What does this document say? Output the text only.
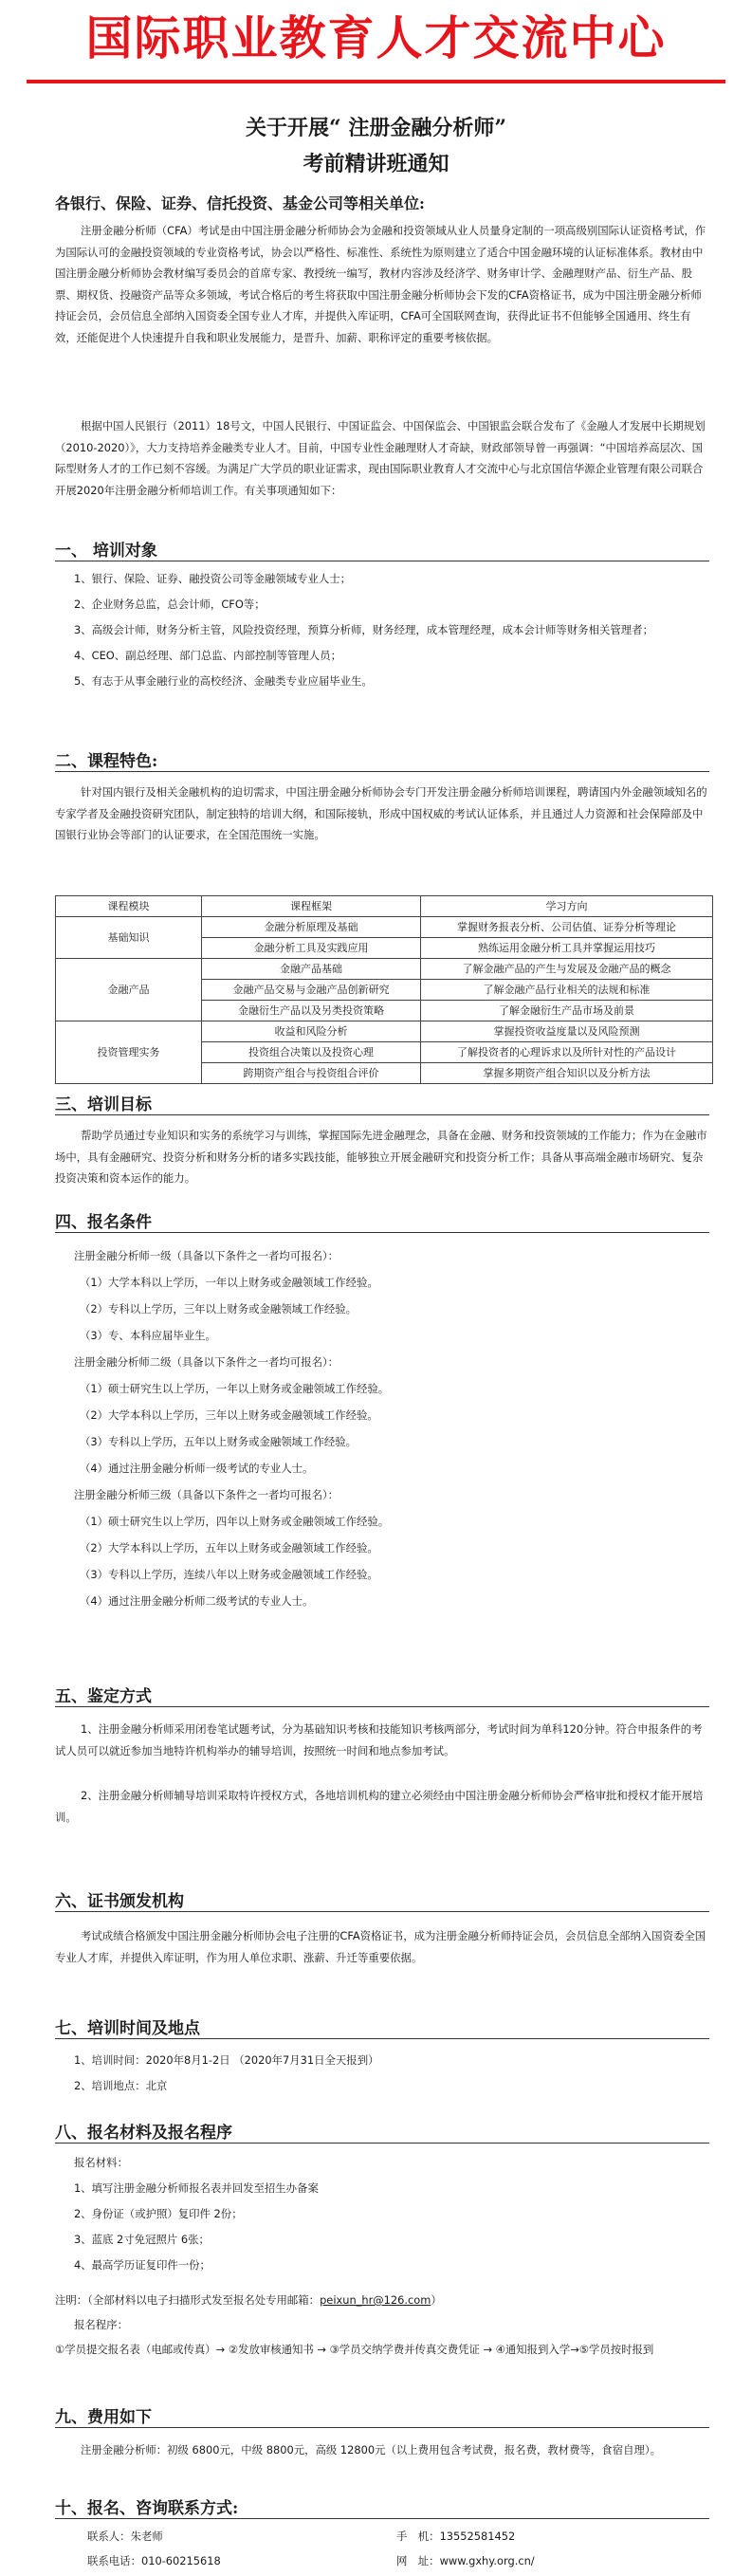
国际职业教育人才交流中心
关于开展“ 注册金融分析师”
考前精讲班通知
各银行、保险、证券、信托投资、基金公司等相关单位:
注册金融分析师（CFA）考试是由中国注册金融分析师协会为金融和投资领域从业人员量身定制的一项高级别国际认证资格考试，作为国际认可的金融投资领域的专业资格考试，协会以严格性、标准性、系统性为原则建立了适合中国金融环境的认证标准体系。教材由中国注册金融分析师协会教材编写委员会的首席专家、教授统一编写，教材内容涉及经济学、财务审计学、金融理财产品、衍生产品、股票、期权货、投融资产品等众多领域，考试合格后的考生将获取中国注册金融分析师协会下发的CFA资格证书，成为中国注册金融分析师持证会员，会员信息全部纳入国资委全国专业人才库，并提供入库证明，CFA可全国联网查询，获得此证书不但能够全国通用、终生有效，还能促进个人快速提升自我和职业发展能力，是晋升、加薪、职称评定的重要考核依据。
根据中国人民银行（2011）18号文，中国人民银行、中国证监会、中国保监会、中国银监会联合发布了《金融人才发展中长期规划（2010-2020）》，大力支持培养金融类专业人才。目前，中国专业性金融理财人才奇缺，财政部领导曾一再强调：“中国培养高层次、国际型财务人才的工作已刻不容缓。为满足广大学员的职业证需求，现由国际职业教育人才交流中心与北京国信华源企业管理有限公司联合开展2020年注册金融分析师培训工作。有关事项通知如下：
一、 培训对象
1、银行、保险、证券、融投资公司等金融领域专业人士；
2、企业财务总监，总会计师，CFO等；
3、高级会计师，财务分析主管，风险投资经理，预算分析师，财务经理，成本管理经理，成本会计师等财务相关管理者；
4、CEO、副总经理、部门总监、内部控制等管理人员；
5、有志于从事金融行业的高校经济、金融类专业应届毕业生。
二、课程特色:
针对国内银行及相关金融机构的迫切需求，中国注册金融分析师协会专门开发注册金融分析师培训课程，聘请国内外金融领域知名的专家学者及金融投资研究团队，制定独特的培训大纲，和国际接轨，形成中国权威的考试认证体系，并且通过人力资源和社会保障部及中国银行业协会等部门的认证要求，在全国范围统一实施。
课程模块	课程框架	学习方向
基础知识	金融分析原理及基础	掌握财务报表分析、公司估值、证券分析等理论
	金融分析工具及实践应用	熟练运用金融分析工具并掌握运用技巧
金融产品	金融产品基础	了解金融产品的产生与发展及金融产品的概念
	金融产品交易与金融产品创新研究	了解金融产品行业相关的法规和标准
	金融衍生产品以及另类投资策略	了解金融衍生产品市场及前景
投资管理实务	收益和风险分析	掌握投资收益度量以及风险预测
	投资组合决策以及投资心理	了解投资者的心理诉求以及所针对性的产品设计
	跨期资产组合与投资组合评价	掌握多期资产组合知识以及分析方法
三、培训目标
帮助学员通过专业知识和实务的系统学习与训练，掌握国际先进金融理念，具备在金融、财务和投资领域的工作能力；作为在金融市场中，具有金融研究、投资分析和财务分析的诸多实践技能，能够独立开展金融研究和投资分析工作；具备从事高端金融市场研究、复杂投资决策和资本运作的能力。
四、报名条件
注册金融分析师一级（具备以下条件之一者均可报名）：
（1）大学本科以上学历，一年以上财务或金融领域工作经验。
（2）专科以上学历，三年以上财务或金融领域工作经验。
（3）专、本科应届毕业生。
注册金融分析师二级（具备以下条件之一者均可报名）：
（1）硕士研究生以上学历，一年以上财务或金融领域工作经验。
（2）大学本科以上学历，三年以上财务或金融领域工作经验。
（3）专科以上学历，五年以上财务或金融领域工作经验。
（4）通过注册金融分析师一级考试的专业人士。
注册金融分析师三级（具备以下条件之一者均可报名）：
（1）硕士研究生以上学历，四年以上财务或金融领域工作经验。
（2）大学本科以上学历，五年以上财务或金融领域工作经验。
（3）专科以上学历，连续八年以上财务或金融领域工作经验。
（4）通过注册金融分析师二级考试的专业人士。
五、鉴定方式
1、注册金融分析师采用闭卷笔试题考试，分为基础知识考核和技能知识考核两部分，考试时间为单科120分钟。符合申报条件的考试人员可以就近参加当地特许机构举办的辅导培训，按照统一时间和地点参加考试。
2、注册金融分析师辅导培训采取特许授权方式，各地培训机构的建立必须经由中国注册金融分析师协会严格审批和授权才能开展培训。
六、证书颁发机构
考试成绩合格颁发中国注册金融分析师协会电子注册的CFA资格证书，成为注册金融分析师持证会员，会员信息全部纳入国资委全国专业人才库，并提供入库证明，作为用人单位求职、涨薪、升迁等重要依据。
七、培训时间及地点
1、培训时间：2020年8月1-2日 （2020年7月31日全天报到）
2、培训地点：北京
八、报名材料及报名程序
报名材料：
1、填写注册金融分析师报名表并回发至招生办备案
2、身份证（或护照）复印件 2份；
3、蓝底 2寸免冠照片 6张；
4、最高学历证复印件一份；
注明：（全部材料以电子扫描形式发至报名处专用邮箱：peixun_hr@126.com）
报名程序：
①学员提交报名表（电邮或传真）→ ②发放审核通知书 → ③学员交纳学费并传真交费凭证 → ④通知报到入学→⑤学员按时报到
九、费用如下
注册金融分析师：初级 6800元，中级 8800元，高级 12800元（以上费用包含考试费，报名费，教材费等，食宿自理）。
十、报名、咨询联系方式:
联系人：朱老师	手　机：13552581452
联系电话：010-60215618	网　址：www.gxhy.org.cn/
